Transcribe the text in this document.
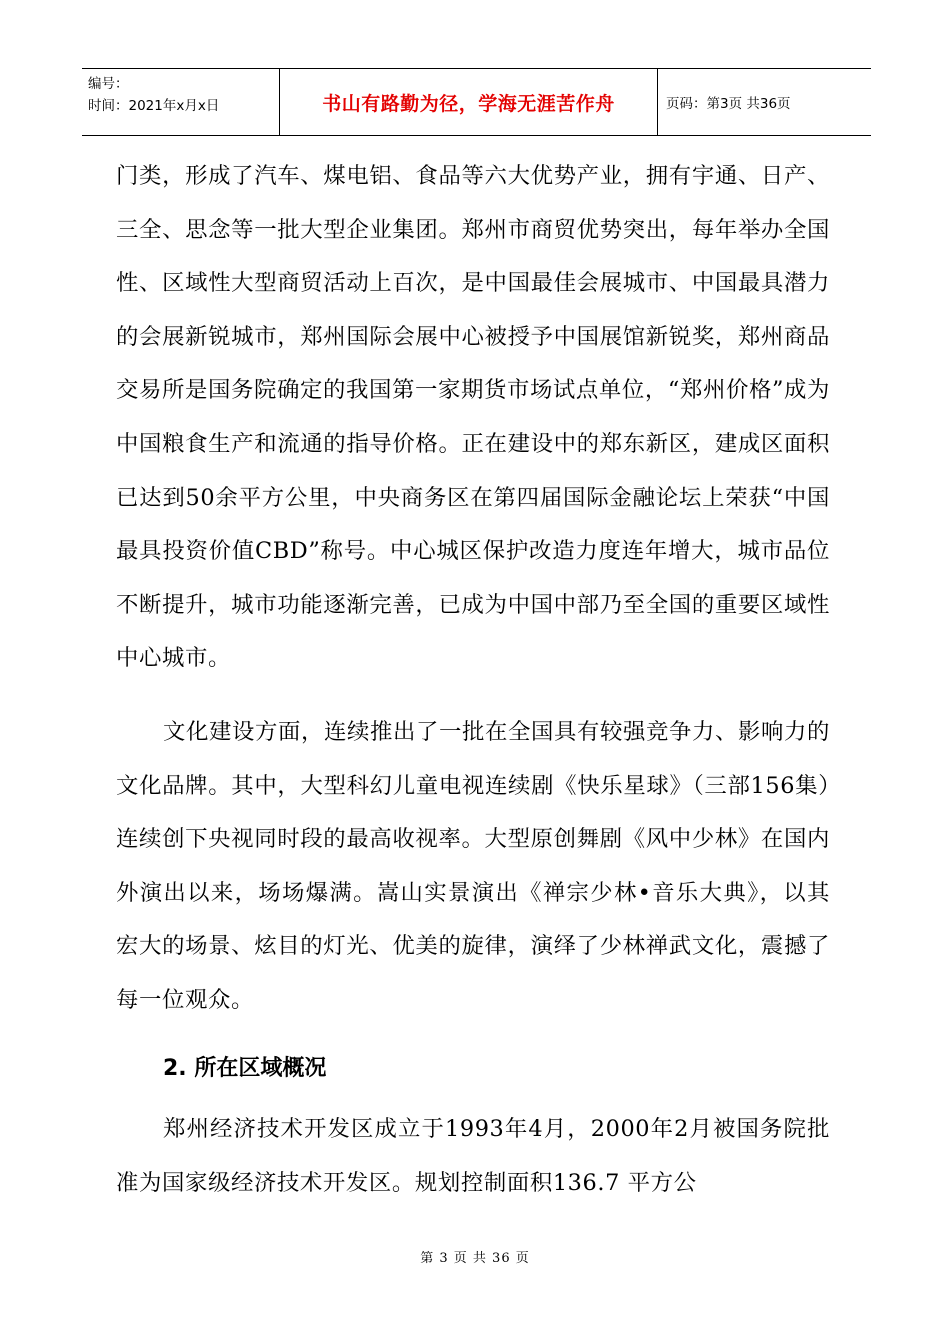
编号：
时间：2021年x月x日	书山有路勤为径，学海无涯苦作舟	页码：第3页 共36页

门类，形成了汽车、煤电铝、食品等六大优势产业，拥有宇通、日产、三全、思念等一批大型企业集团。郑州市商贸优势突出，每年举办全国性、区域性大型商贸活动上百次，是中国最佳会展城市、中国最具潜力的会展新锐城市，郑州国际会展中心被授予中国展馆新锐奖，郑州商品交易所是国务院确定的我国第一家期货市场试点单位，“郑州价格”成为中国粮食生产和流通的指导价格。正在建设中的郑东新区，建成区面积已达到50余平方公里，中央商务区在第四届国际金融论坛上荣获“中国最具投资价值CBD”称号。中心城区保护改造力度连年增大，城市品位不断提升，城市功能逐渐完善，已成为中国中部乃至全国的重要区域性中心城市。

文化建设方面，连续推出了一批在全国具有较强竞争力、影响力的文化品牌。其中，大型科幻儿童电视连续剧《快乐星球》（三部156集）连续创下央视同时段的最高收视率。大型原创舞剧《风中少林》在国内外演出以来，场场爆满。嵩山实景演出《禅宗少林•音乐大典》，以其宏大的场景、炫目的灯光、优美的旋律，演绎了少林禅武文化，震撼了每一位观众。

2. 所在区域概况

郑州经济技术开发区成立于1993年4月，2000年2月被国务院批准为国家级经济技术开发区。规划控制面积136.7 平方公

第 3 页 共 36 页
